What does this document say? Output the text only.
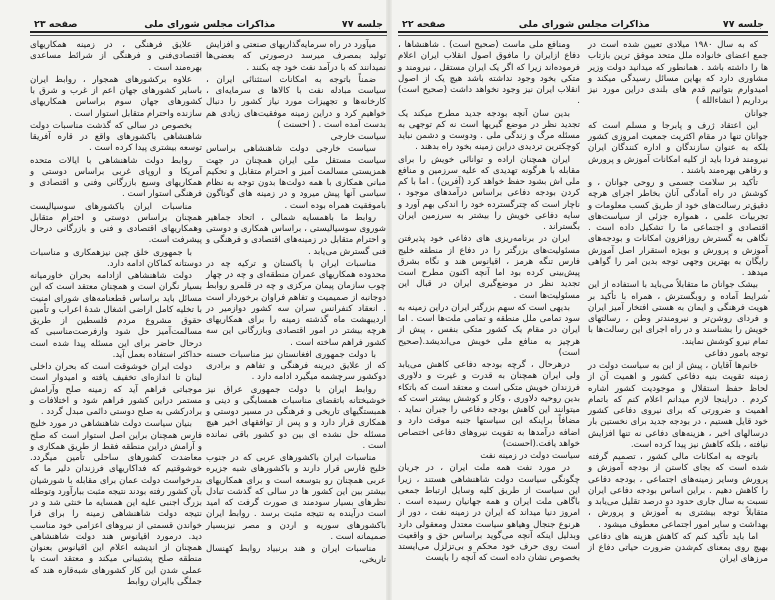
جلسه ۷۷
مذاکرات مجلس شورای ملی
صفحه ۲۳
میآورد در راه سرمایه‌گذاریهای صنعتی و افزایش تولید بمصرف میرسد درصورتی که بعضی‌ها نمیدانند که با درآمد نفت خود چه بکنند .
ضمناً باتوجه به امکانات استثنائی ایران ، سیاست مبادله نفت با کالاها ی سرمایه‌ای ، کارخانه‌ها و تجهیزات مورد نیاز کشور را دنبال خواهیم کرد و دراین زمینه موفقیت‌های زیادی هم بدست آمده است . ( احسنت )
سیاست خارجی
سیاست خارجی دولت شاهنشاهی براساس سیاست مستقل ملی ایران همچنان در جهت همزیستی مسالمت آمیز و احترام متقابل و تحکیم مبانی همکاری با همه دولت‌ها بدون توجه به نظام سیاسی آنها پیش میرود و در زمینه های گوناگون باموفقیت همراه بوده است .
روابط ما باهمسایه شمالی ، اتحاد جماهیر شوروی سوسیالیستی ، براساس همکاری و دوستی و احترام متقابل در زمینه‌های اقتصادی و فرهنگی و فنی گسترش می‌یابد .
مناسبات ایران با پاکستان و ترکیه چه در محدوده همکاریهای عمران منطقه‌ای و چه در چهار چوب سازمان پیمان مرکزی و چه در قلمرو روابط دوجانبه از صمیمیت و تفاهم فراوان برخوردار است . انعقاد کنفرانس سران سه کشور دوازمیر در اردیبهشت ماه گذشته زمینه را برای همکاریهای هرچه بیشتر در امور اقتصادی وبازرگانی این سه کشور فراهم ساخته است .
با دولت جمهوری افغانستان نیز مناسبات حسنه که از علایق دیرینه فرهنگی و تفاهم و برادری دوکشور سرچشمه میگیرد ادامه دارد .
روابط ایران با دولت جمهوری عراق نیز خوشبختانه باتقضای مناسبات همسایگی و دینی و همبستگیهای تاریخی و فرهنگی در مسیر دوستی و همکاری قرار دارد و و پس از توافقهای اخیر هیچ مسئله حل نشده ای بین دو کشور باقی نمانده است .
مناسبات ایران باکشورهای عربی که در جنوب خلیج فارس قرار دارند و باکشورهای شبه جزیره عربی همچنان رو بتوسعه است و برای همکاریهای بیشتر بین این کشور ها در سالی که گذشت تبادل نظرهای بسیار سودمند ی صورت گرفت که امید است درآینده به نتیجه مثبت برسد . روابط ایران باکشورهای سوریه و اردن و مصر نیزبسیار صمیمانه است .
مناسبات ایران و هند برنبیاد روابط کهنسال تاریخی،
علایق فرهنگی ، در زمینه همکاریهای اقتصادی‌فنی و فرهنگی از شرائط مساعدی بهره‌مند است .
علاوه برکشورهای همجوار ، روابط ایران باسایر کشورهای جهان اعم از غرب و شرق با کشورهای جهان سوم براساس همکاریهای سازنده واحترام متقابل استوار است .
بخصوص در سالی که گذشت مناسبات دولت شاهنشاهی باکشورهای واقع در قاره آفریقا توسعه بیشتری پیدا کرده است .
روابط دولت شاهنشاهی با ایالات متحده آمریکا و اروپای غربی براساس دوستی و همکاریهای وسیع بازرگانی وفنی و اقتصادی و فرهنگی استوار است .
مناسبات ایران باکشورهای سوسیالیست همچنان براساس دوستی و احترام متقابل وهمکاریهای اقتصادی و فنی و بازرگانی درحال پیشرفت است.
با جمهوری خلق چین نیزهمکاری و مناسبات دوستانه کماکان ادامه دارد.
دولت شاهنشاهی ازادامه بحران خاورمیانه بسیار نگران است و همچنان معتقد است که این مسائل باید براساس قطعنامه‌های شورای امنیت با تخلیه کامل اراضی اشغال شدهٔ اعراب و تأمین حقوق مشروع مردم فلسطین از طریق مسالمت‌آمیز حل شود وازفرصت‌مناسبی که درحال حاضر برای این مسئله پیدا شده است حداکثر استفاده بعمل آید.
دولت ایران خوشوقت است که بحران داخلی لبنان تا اندازه‌ای تخفیف یافته و امیدوار است موجباتی فراهم آید که زمینه صلح وآرامش مستمر دراین کشور فراهم شود و اختلافات و برادرکشی به صلح دوستی دائمی مبدل گردد .
بنیان سیاست دولت شاهنشاهی در مورد خلیج فارس همچنان براین اصل استوار است که صلح و آرامش دراین منطقه فقط از طریق همکاری و معاضدت کشورهای ساحلی تأمین میگردد. خوشوقتیم که فداکاریهای فرزندان دلیر ما که بدرخواست دولت عمان برای مقابله با شورشیان بآن کشور رفته بودند نتیجه مثبت ببارآورد وتوطئه بزرگ اجنبی علیه این همسایه ما خنثی شد و در نتیجه دولت شاهنشاهی زمینه را برای فرا خواندن قسمتی از نیروهای اعزامی خود مناسب دید. درمورد اقیانوس هند دولت شاهنشاهی همچنان از اندیشه اعلام این اقیانوس بعنوان منطقه صلح پشتیبانی میکند و معتقد است با عملی شدن این کار کشورهای شبه‌قاره هند که جملگی باایران روابط
جلسه ۷۷
مذاکرات مجلس شورای ملی
صفحه ۲۲
که به سال ۱۹۸۰ میلادی تعیین شده است در جمع اعضای خانواده ملل متحد موفق ترین بازتاب ها را داشته باشد . همانطور که میدانید دولت وزیر مشاوری دارد که بهاین مسائل رسیدگی میکند و امیدوارم بتوانیم قدم های بلندی دراین مورد نیز برداریم ( انشاءالله )
جوانان
این اعتقاد ژرف و پابرجا و مسلم است که جوانان تنها در مقام اکثریت جمعیت امروزی کشور بلکه به عنوان سازندگان و اداره کنندگان ایران نیرومند فردا باید از کلیه امکانات آموزش و پرورش و رفاهی بهره‌مند باشند .
تأکید بر سلامت جسمی و روحی جوانان ، و کوشش در راه آمادگی آنان بخاطر اجرای هرچه دقیق‌تر رسالت‌های خود از طریق کسب معلومات و تجربیات علمی ، همواره جزئی از سیاست‌های اقتصادی و اجتماعی ما را تشکیل داده است . نگاهی به گسترش روزافزون امکانات و بودجه‌های آموزش و پرورش و بویژه استقرار اصل آموزش رایگان به بهترین وجهی توجه بدین امر را گواهی میدهد .
بیشک جوانان ما متقابلاً می‌باید با استفاده از این شرایط آماده و روبگسترش ، همراه با تأکید بر هویت فرهنگی و ایمان به هستی افتخار آمیز ایران و فردای روشن‌تر و نیرومندتر وطن ، رسالتهای خویش را بشناسند و در راه اجرای این رسالت‌ها با تمام نیرو کوشش نمایند.
توجه بامور دفاعی
خانم‌ها آقایان ، پیش از این به سیاست دولت در زمینه تقویت بنیه دفاعی کشور و اهمیت آن از لحاظ حفظ استقلال و موجودیت کشور اشاره کردم . دراینجا لازم میدانم اعلام کنم که باتمام اهمیت و ضرورتی که برای نیروی دفاعی کشور خود قایل هستیم ، در بودجه جدید برای نخستین بار درسالهای اخیر ، هزینه‌های دفاعی نه تنها افزایش نیافته ، بلکه کاهش نیز پیدا کرده است.
باتوجه به امکانات مالی کشور ، تصمیم گرفته شده است که بجای کاستن از بودجه آموزش و پرورش وسایر زمینه‌های اجتماعی ، بودجه دفاعی را کاهش دهیم . براین اساس بودجه دفاعی ایران نسبت به سال جاری حدود دو درصد تقلیل می‌یابد و متقابلاً توجه بیشتری به آموزش و پرورش ، بهداشت و سایر امور اجتماعی معطوف میشود .
اما باید تأکید کنم که کاهش هزینه های دفاعی بهیچ روی بمعنای کم‌شدن ضرورت حیاتی دفاع از مرزهای ایران
ومنافع ملی ماست (صحیح است) . شاهنشاها ، دفاع ازایران را مافوق اصول انقلاب ایران اعلام فرموده‌اند زیرا که اگر یک ایران مستقل ، نیرومند و متکی بخود وجود نداشته باشد هیچ یک از اصول انقلاب ایران نیز وجود نخواهد داشت (صحیح است) .
بدین سان آنچه بودجه جدید مطرح میکند یک تجدید نظر در موضع گیریها است نه کم توجهی به مسئله مرگ و زندگی ملی . ودوست و دشمن نباید کوچکترین تردیدی دراین زمینه بخود راه بدهند .
ایران همچنان اراده و توانائی خویش را برای مقابله با هرگونه تهدیدی که علیه سرزمین و منافع ملی اش بشود حفظ خواهد کرد (آفرین) . اما با کم کردن بودجه دفاعی براساس درآمدهای موجود ، ناچار است که چترگسترده خود را اندکی بهم آورد و سایه دفاعی خویش را بیشتر به سرزمین ایران بگستراند .
ایران در برنامه‌ریزی های دفاعی خود پذیرفتن مسئولیت‌های بزرگتر را در دفاع از منطقه خلیج فارس تنگه هرمز ، اقیانوس هند و نگاه بشرق پیش‌بینی کرده بود اما آنچه اکنون مطرح است تجدید نظر در موضع‌گیری ایران در قبال این مسئولیت‌ها است .
بدیهی است که سهم بزرگتر ایران دراین زمینه به سود تمامی ملل منطقه و تمامی ملت‌ها است . اما ایران در مقام یک کشور متکی بنفس ، پیش از هرچیز به منافع ملی خویش می‌اندیشد.(صحیح است)
درهرحال ، گرچه بودجه دفاعی کاهش می‌یابد ولی ایران همچنان به قدرت و غیرت و دلاوری فرزندان خویش متکی است و معتقد است که باتکاء بدین روحیه دلاوری ، وکار و کوشش بیشتر است که میتوانند این کاهش بودجه دفاعی را جبران نماید . مضافاً براینکه این سیاستها جنبه موقت دارد و اضافه درآمدها به تقویت نیروهای دفاعی اختصاص خواهد یافت.(احسنت)
سیاست دولت در زمینه نفت
در مورد نفت همه ملت ایران ، در جریان چگونگی سیاست دولت شاهنشاهی هستند ، زیرا این سیاست از طریق کلیه وسایل ارتباط جمعی باگاهی ملت ایران و همه جهانیان رسیده است . امروز دنیا میداند که ایران در زمینه نفت ، دور از هرنوع جنجال وهیاهو سیاست معتدل ومعقولی دارد وبدلیل اینکه آنچه می‌گوید براساس حق و واقعیت است روی حرف خود محکم و بی‌تزلزل می‌ایستد بخصوص نشان داده است که آنچه را بایست
